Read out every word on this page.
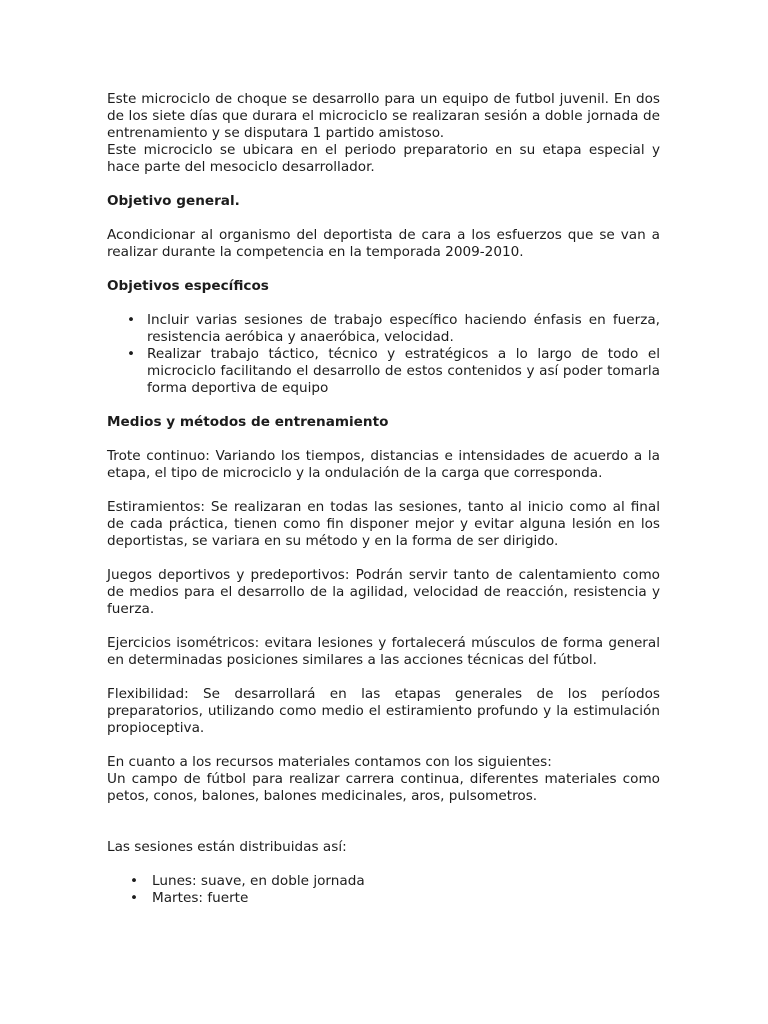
Este microciclo de choque se desarrollo para un equipo de futbol juvenil. En dos de los siete días que durara el microciclo se realizaran sesión a doble jornada de entrenamiento y se disputara 1 partido amistoso.

Este microciclo se ubicara en el periodo preparatorio en su etapa especial y hace parte del mesociclo desarrollador.

Objetivo general.

Acondicionar al organismo del deportista de cara a los esfuerzos que se van a realizar durante la competencia en la temporada 2009-2010.

Objetivos específicos
• Incluir varias sesiones de trabajo específico haciendo énfasis en fuerza, resistencia aeróbica y anaeróbica, velocidad.
• Realizar trabajo táctico, técnico y estratégicos a lo largo de todo el microciclo facilitando el desarrollo de estos contenidos y así poder tomarla forma deportiva de equipo
Medios y métodos de entrenamiento

Trote continuo: Variando los tiempos, distancias e intensidades de acuerdo a la etapa, el tipo de microciclo y la ondulación de la carga que corresponda.

Estiramientos: Se realizaran en todas las sesiones, tanto al inicio como al final de cada práctica, tienen como fin disponer mejor y evitar alguna lesión en los deportistas, se variara en su método y en la forma de ser dirigido.

Juegos deportivos y predeportivos: Podrán servir tanto de calentamiento como de medios para el desarrollo de la agilidad, velocidad de reacción, resistencia y fuerza.

Ejercicios isométricos: evitara lesiones y fortalecerá músculos de forma general en determinadas posiciones similares a las acciones técnicas del fútbol.

Flexibilidad: Se desarrollará en las etapas generales de los períodos preparatorios, utilizando como medio el estiramiento profundo y la estimulación propioceptiva.

En cuanto a los recursos materiales contamos con los siguientes:

Un campo de fútbol para realizar carrera continua, diferentes materiales como petos, conos, balones, balones medicinales, aros, pulsometros.

Las sesiones están distribuidas así:

• Lunes: suave, en doble jornada
• Martes: fuerte
